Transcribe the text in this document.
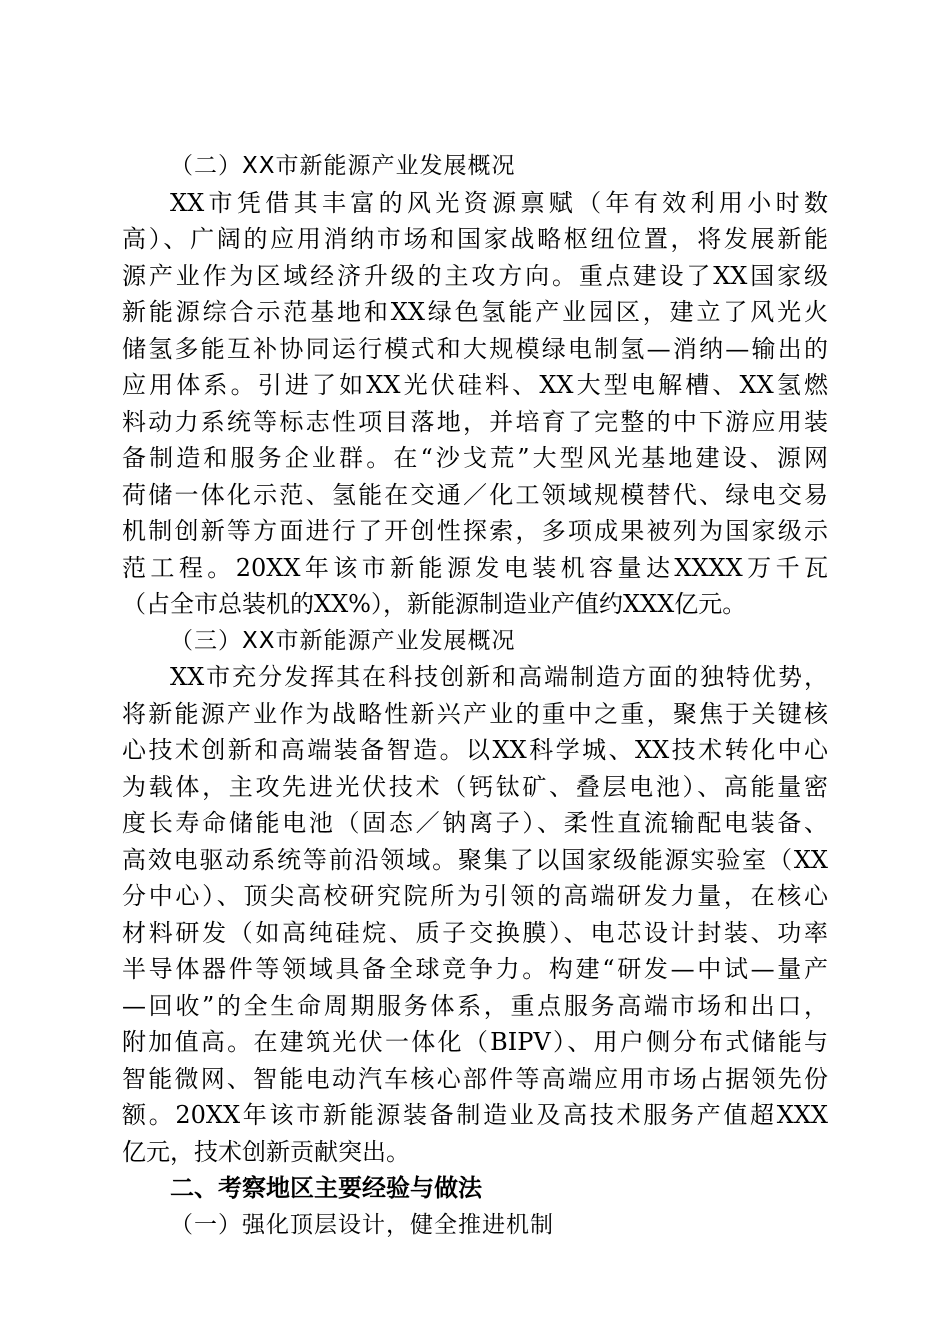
（二）XX市新能源产业发展概况
XX市凭借其丰富的风光资源禀赋（年有效利用小时数
高）、广阔的应用消纳市场和国家战略枢纽位置，将发展新能
源产业作为区域经济升级的主攻方向。重点建设了XX国家级
新能源综合示范基地和XX绿色氢能产业园区，建立了风光火
储氢多能互补协同运行模式和大规模绿电制氢—消纳—输出的
应用体系。引进了如XX光伏硅料、XX大型电解槽、XX氢燃
料动力系统等标志性项目落地，并培育了完整的中下游应用装
备制造和服务企业群。在“沙戈荒”大型风光基地建设、源网
荷储一体化示范、氢能在交通／化工领域规模替代、绿电交易
机制创新等方面进行了开创性探索，多项成果被列为国家级示
范工程。20XX年该市新能源发电装机容量达XXXX万千瓦
（占全市总装机的XX%），新能源制造业产值约XXX亿元。
（三）XX市新能源产业发展概况
XX市充分发挥其在科技创新和高端制造方面的独特优势，
将新能源产业作为战略性新兴产业的重中之重，聚焦于关键核
心技术创新和高端装备智造。以XX科学城、XX技术转化中心
为载体，主攻先进光伏技术（钙钛矿、叠层电池）、高能量密
度长寿命储能电池（固态／钠离子）、柔性直流输配电装备、
高效电驱动系统等前沿领域。聚集了以国家级能源实验室（XX
分中心）、顶尖高校研究院所为引领的高端研发力量，在核心
材料研发（如高纯硅烷、质子交换膜）、电芯设计封装、功率
半导体器件等领域具备全球竞争力。构建“研发—中试—量产
—回收”的全生命周期服务体系，重点服务高端市场和出口，
附加值高。在建筑光伏一体化（BIPV）、用户侧分布式储能与
智能微网、智能电动汽车核心部件等高端应用市场占据领先份
额。20XX年该市新能源装备制造业及高技术服务产值超XXX
亿元，技术创新贡献突出。
二、考察地区主要经验与做法
（一）强化顶层设计，健全推进机制
